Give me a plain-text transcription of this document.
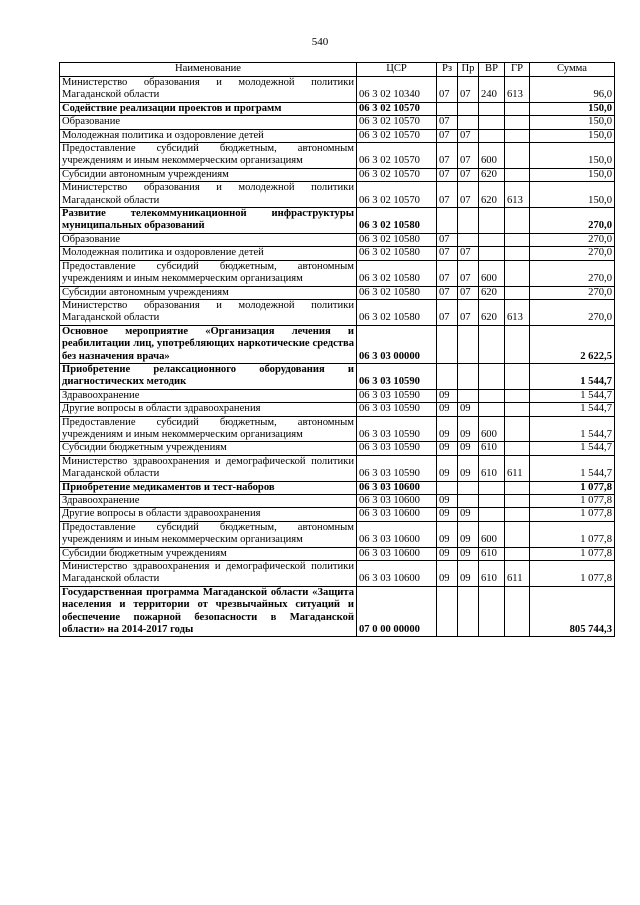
540
Наименование	ЦСР	Рз	Пр	ВР	ГР	Сумма
Министерство образования и молодежной политики Магаданской области	06 3 02 10340	07	07	240	613	96,0
Содействие реализации проектов и программ	06 3 02 10570					150,0
Образование	06 3 02 10570	07				150,0
Молодежная политика и оздоровление детей	06 3 02 10570	07	07			150,0
Предоставление субсидий бюджетным, автономным учреждениям и иным некоммерческим организациям	06 3 02 10570	07	07	600		150,0
Субсидии автономным учреждениям	06 3 02 10570	07	07	620		150,0
Министерство образования и молодежной политики Магаданской области	06 3 02 10570	07	07	620	613	150,0
Развитие телекоммуникационной инфраструктуры муниципальных образований	06 3 02 10580					270,0
Образование	06 3 02 10580	07				270,0
Молодежная политика и оздоровление детей	06 3 02 10580	07	07			270,0
Предоставление субсидий бюджетным, автономным учреждениям и иным некоммерческим организациям	06 3 02 10580	07	07	600		270,0
Субсидии автономным учреждениям	06 3 02 10580	07	07	620		270,0
Министерство образования и молодежной политики Магаданской области	06 3 02 10580	07	07	620	613	270,0
Основное мероприятие «Организация лечения и реабилитации лиц, употребляющих наркотические средства без назначения врача»	06 3 03 00000					2 622,5
Приобретение релаксационного оборудования и диагностических методик	06 3 03 10590					1 544,7
Здравоохранение	06 3 03 10590	09				1 544,7
Другие вопросы в области здравоохранения	06 3 03 10590	09	09			1 544,7
Предоставление субсидий бюджетным, автономным учреждениям и иным некоммерческим организациям	06 3 03 10590	09	09	600		1 544,7
Субсидии бюджетным учреждениям	06 3 03 10590	09	09	610		1 544,7
Министерство здравоохранения и демографической политики Магаданской области	06 3 03 10590	09	09	610	611	1 544,7
Приобретение медикаментов и тест-наборов	06 3 03 10600					1 077,8
Здравоохранение	06 3 03 10600	09				1 077,8
Другие вопросы в области здравоохранения	06 3 03 10600	09	09			1 077,8
Предоставление субсидий бюджетным, автономным учреждениям и иным некоммерческим организациям	06 3 03 10600	09	09	600		1 077,8
Субсидии бюджетным учреждениям	06 3 03 10600	09	09	610		1 077,8
Министерство здравоохранения и демографической политики Магаданской области	06 3 03 10600	09	09	610	611	1 077,8
Государственная программа Магаданской области «Защита населения и территории от чрезвычайных ситуаций и обеспечение пожарной безопасности в Магаданской области» на 2014-2017 годы	07 0 00 00000					805 744,3
